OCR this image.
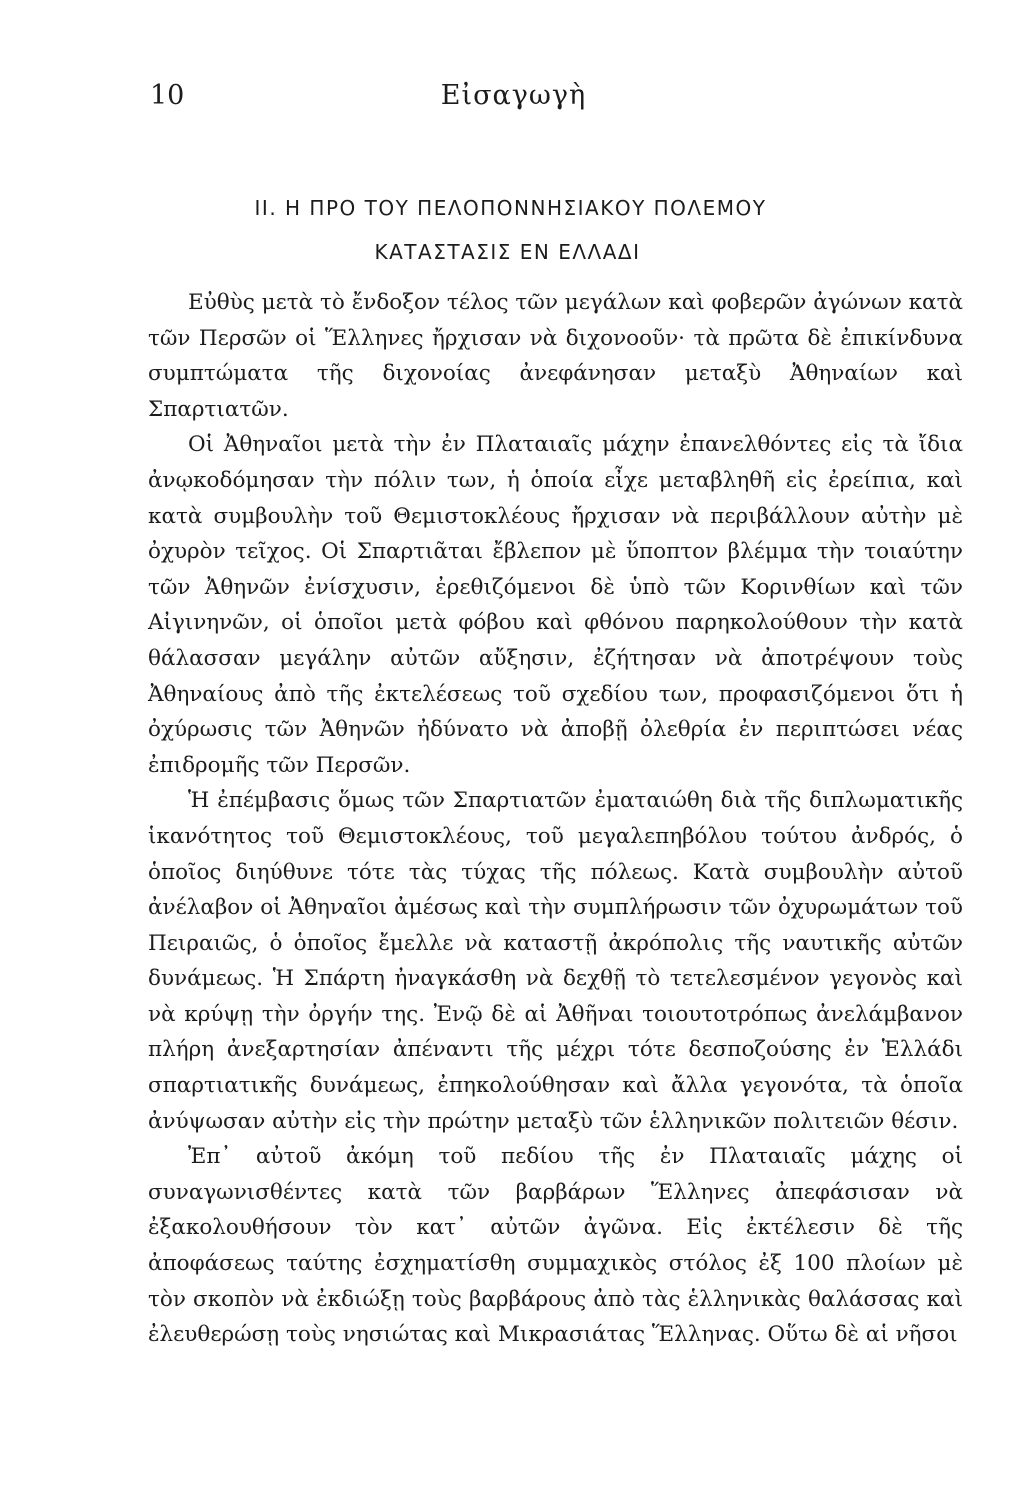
10	Εἰσαγωγὴ
ΙΙ. Η ΠΡΟ ΤΟΥ ΠΕΛΟΠΟΝΝΗΣΙΑΚΟΥ ΠΟΛΕΜΟΥ
ΚΑΤΑΣΤΑΣΙΣ ΕΝ ΕΛΛΑΔΙ

Εὐθὺς μετὰ τὸ ἔνδοξον τέλος τῶν μεγάλων καὶ φοβερῶν ἀγώνων κατὰ τῶν Περσῶν οἱ Ἕλληνες ἤρχισαν νὰ διχονοοῦν· τὰ πρῶτα δὲ ἐπικίνδυνα συμπτώματα τῆς διχονοίας ἀνεφάνησαν μεταξὺ Ἀθηναίων καὶ Σπαρτιατῶν.

Οἱ Ἀθηναῖοι μετὰ τὴν ἐν Πλαταιαῖς μάχην ἐπανελθόντες εἰς τὰ ἴδια ἀνῳκοδόμησαν τὴν πόλιν των, ἡ ὁποία εἶχε μεταβληθῆ εἰς ἐρείπια, καὶ κατὰ συμβουλὴν τοῦ Θεμιστοκλέους ἤρχισαν νὰ περιβάλλουν αὐτὴν μὲ ὀχυρὸν τεῖχος. Οἱ Σπαρτιᾶται ἔβλεπον μὲ ὕποπτον βλέμμα τὴν τοιαύτην τῶν Ἀθηνῶν ἐνίσχυσιν, ἐρεθιζόμενοι δὲ ὑπὸ τῶν Κορινθίων καὶ τῶν Αἰγινηνῶν, οἱ ὁποῖοι μετὰ φόβου καὶ φθόνου παρηκολούθουν τὴν κατὰ θάλασσαν μεγάλην αὐτῶν αὔξησιν, ἐζήτησαν νὰ ἀποτρέψουν τοὺς Ἀθηναίους ἀπὸ τῆς ἐκτελέσεως τοῦ σχεδίου των, προφασιζόμενοι ὅτι ἡ ὀχύρωσις τῶν Ἀθηνῶν ἠδύνατο νὰ ἀποβῇ ὀλεθρία ἐν περιπτώσει νέας ἐπιδρομῆς τῶν Περσῶν.

Ἡ ἐπέμβασις ὅμως τῶν Σπαρτιατῶν ἐματαιώθη διὰ τῆς διπλωματικῆς ἱκανότητος τοῦ Θεμιστοκλέους, τοῦ μεγαλεπηβόλου τούτου ἀνδρός, ὁ ὁποῖος διηύθυνε τότε τὰς τύχας τῆς πόλεως. Κατὰ συμβουλὴν αὐτοῦ ἀνέλαβον οἱ Ἀθηναῖοι ἀμέσως καὶ τὴν συμπλήρωσιν τῶν ὀχυρωμάτων τοῦ Πειραιῶς, ὁ ὁποῖος ἔμελλε νὰ καταστῇ ἀκρόπολις τῆς ναυτικῆς αὐτῶν δυνάμεως. Ἡ Σπάρτη ἠναγκάσθη νὰ δεχθῇ τὸ τετελεσμένον γεγονὸς καὶ νὰ κρύψῃ τὴν ὀργήν της. Ἐνῷ δὲ αἱ Ἀθῆναι τοιουτοτρόπως ἀνελάμβανον πλήρη ἀνεξαρτησίαν ἀπέναντι τῆς μέχρι τότε δεσποζούσης ἐν Ἑλλάδι σπαρτιατικῆς δυνάμεως, ἐπηκολούθησαν καὶ ἄλλα γεγονότα, τὰ ὁποῖα ἀνύψωσαν αὐτὴν εἰς τὴν πρώτην μεταξὺ τῶν ἑλληνικῶν πολιτειῶν θέσιν.

Ἐπ᾿ αὐτοῦ ἀκόμη τοῦ πεδίου τῆς ἐν Πλαταιαῖς μάχης οἱ συναγωνισθέντες κατὰ τῶν βαρβάρων Ἕλληνες ἀπεφάσισαν νὰ ἐξακολουθήσουν τὸν κατ᾿ αὐτῶν ἀγῶνα. Εἰς ἐκτέλεσιν δὲ τῆς ἀποφάσεως ταύτης ἐσχηματίσθη συμμαχικὸς στόλος ἐξ 100 πλοίων μὲ τὸν σκοπὸν νὰ ἐκδιώξῃ τοὺς βαρβάρους ἀπὸ τὰς ἑλληνικὰς θαλάσσας καὶ ἐλευθερώσῃ τοὺς νησιώτας καὶ Μικρασιάτας Ἕλληνας. Οὕτω δὲ αἱ νῆσοι
